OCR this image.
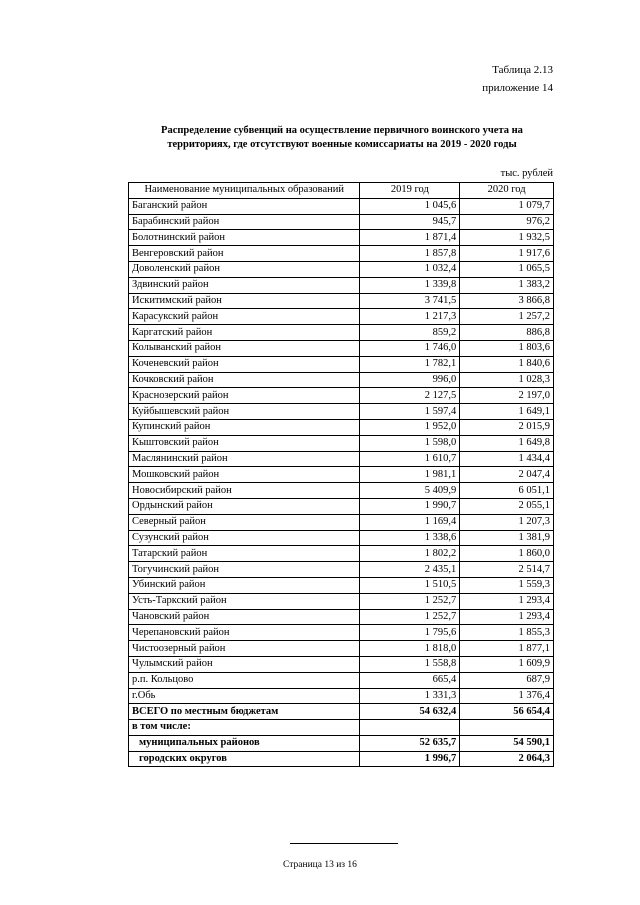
Таблица 2.13
приложение 14
Распределение субвенций на осуществление первичного воинского учета на
территориях, где отсутствуют военные комиссариаты на 2019 - 2020 годы
тыс. рублей
Наименование муниципальных образований	2019 год	2020 год
Баганский район	1 045,6	1 079,7
Барабинский район	945,7	976,2
Болотнинский район	1 871,4	1 932,5
Венгеровский район	1 857,8	1 917,6
Доволенский район	1 032,4	1 065,5
Здвинский район	1 339,8	1 383,2
Искитимский район	3 741,5	3 866,8
Карасукский район	1 217,3	1 257,2
Каргатский район	859,2	886,8
Колыванский район	1 746,0	1 803,6
Коченевский район	1 782,1	1 840,6
Кочковский район	996,0	1 028,3
Краснозерский район	2 127,5	2 197,0
Куйбышевский район	1 597,4	1 649,1
Купинский район	1 952,0	2 015,9
Кыштовский район	1 598,0	1 649,8
Маслянинский район	1 610,7	1 434,4
Мошковский район	1 981,1	2 047,4
Новосибирский район	5 409,9	6 051,1
Ордынский район	1 990,7	2 055,1
Северный район	1 169,4	1 207,3
Сузунский район	1 338,6	1 381,9
Татарский район	1 802,2	1 860,0
Тогучинский район	2 435,1	2 514,7
Убинский район	1 510,5	1 559,3
Усть-Таркский район	1 252,7	1 293,4
Чановский район	1 252,7	1 293,4
Черепановский район	1 795,6	1 855,3
Чистоозерный район	1 818,0	1 877,1
Чулымский район	1 558,8	1 609,9
р.п. Кольцово	665,4	687,9
г.Обь	1 331,3	1 376,4
ВСЕГО по местным бюджетам	54 632,4	56 654,4
в том числе:		
муниципальных районов	52 635,7	54 590,1
городских округов	1 996,7	2 064,3
Страница 13 из 16
